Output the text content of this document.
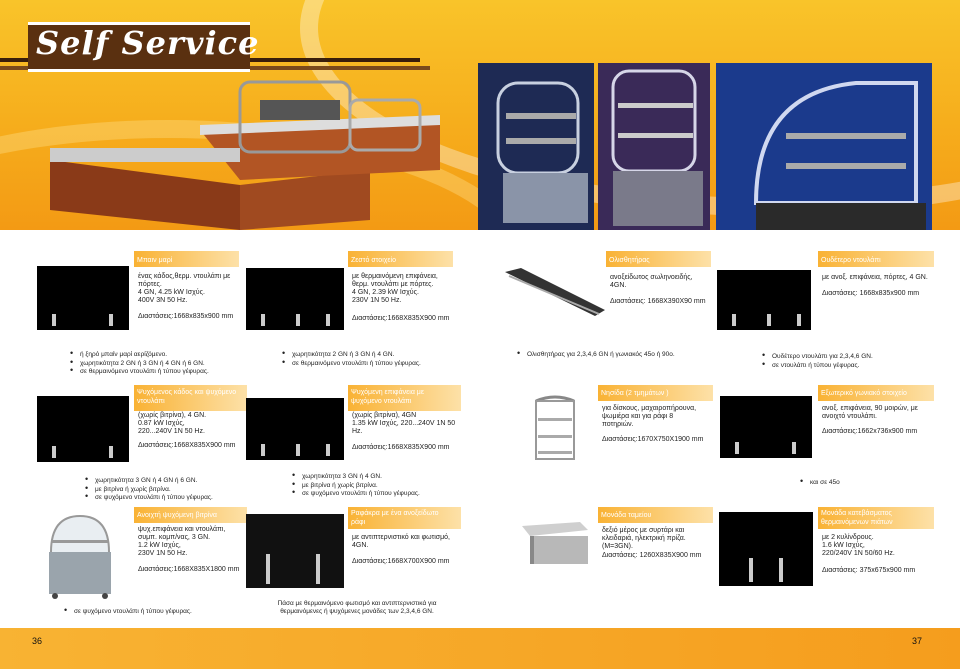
Self Service
Μπαιν μαρί	Ζεστό στοιχείο	Ολισθητήρας	Ουδέτερο ντουλάπι
ένας κάδος,θερμ. ντουλάπι με
πόρτες.
4 GN, 4.25 kW Ισχύς.
400V 3N 50 Hz.
Διαστάσεις:1668x835x900 mm
με θερμαινόμενη επιφάνεια,
θερμ. ντουλάπι με πόρτες.
4 GN, 2.39 kW Ισχύς.
230V 1N 50 Hz.
Διαστάσεις:1668X835X900 mm
ανοξείδωτος σωληνοειδής,
4GN.
Διαστάσεις: 1668X390X90 mm
με ανοξ. επιφάνεια, πόρτες, 4 GN.
Διαστάσεις: 1668x835x900 mm
• ή ξηρό μπαίν μαρί αερίζόμενο.
• χωρητικότητα 2 GN ή 3 GN ή 4 GN ή 6 GN.
• σε θερμαινόμενο ντουλάπι ή τύπου γέφυρας.
• χωρητικότητα 2 GN ή 3 GN ή 4 GN.
• σε θερμαινόμενο ντουλάπι ή τύπου γέφυρας.
• Ολισθητήρας για 2,3,4,6 GN ή γωνιακός 45ο ή 90ο.
•	Ουδέτερο ντουλάπι για 2,3,4,6 GN.
• σε ντουλάπι ή τύπου γέφυρας.
Ψυχόμενος κάδος και ψυχόμενο ντουλάπι
Ψυχόμενη επιφάνεια με ψυχόμενο ντουλάπι
Νησίδα (2 τμημάτων )	Εξωτερικό γωνιακό στοιχείο
(χωρίς βιτρίνα), 4 GN.
0.87 kW Ισχύς,
220...240V 1N 50 Hz.
Διαστάσεις:1668X835X900 mm
(χωρίς βιτρίνα), 4GN
1.35 kW Ισχύς, 220...240V 1N 50
Hz.
Διαστάσεις:1668X835X900 mm
για δίσκους, μαχαιροπήρουνα,
ψωμιέρα και για ράφι 8
ποτηριών.
Διαστάσεις:1670X750X1900 mm
ανοξ. επιφάνεια, 90 μοιρών, με
ανοιχτό ντουλάπι.
Διαστάσεις:1662x736x900 mm
• χωρητικότητα 3 GN ή 4 GN ή 6 GN.
• με βιτρίνα ή χωρίς βιτρίνα.
• σε ψυχόμενο ντουλάπι ή τύπου γέφυρας.
• χωρητικότητα 3 GN ή 4 GN.
• με βιτρίνα ή χωρίς βιτρίνα.
• σε ψυχόμενο ντουλάπι ή τύπου γέφυρας.
• και σε 45ο
Ανοιχτή ψυχόμενη βιτρίνα	Ραφάκρα με ένα ανοξείδωτο ράφι
Μονάδα ταμείου	Μονάδα κατεβάσματος θερμαινόμενων πιάτων
ψυχ.επιφάνεια και ντουλάπι,
συμπ. κομπ/νας, 3 GN.
1.2 kW Ισχύς,
230V 1N 50 Hz.
Διαστάσεις:1668X835X1800 mm
με αντιπτερνιστικό και φωτισμό,
4GN.
Διαστάσεις:1668X700X900 mm
δεξιό μέρος με συρτάρι και
κλειδαριά, ηλεκτρική πρίζα.
(Μ=3GN).
Διαστάσεις: 1260X835X900 mm
με 2 κυλίνδρους.
1.6 kW Ισχύς,
220/240V 1N 50/60 Hz.
Διαστάσεις: 375x675x900 mm
• σε ψυχόμενο ντουλάπι ή τύπου γέφυρας.
Πάσα με θερμαινόμενο φωτισμό και αντιπτερνιστικά για
θερμαινόμενες ή ψυχόμενες μονάδες των 2,3,4,6 GN.
36	37
